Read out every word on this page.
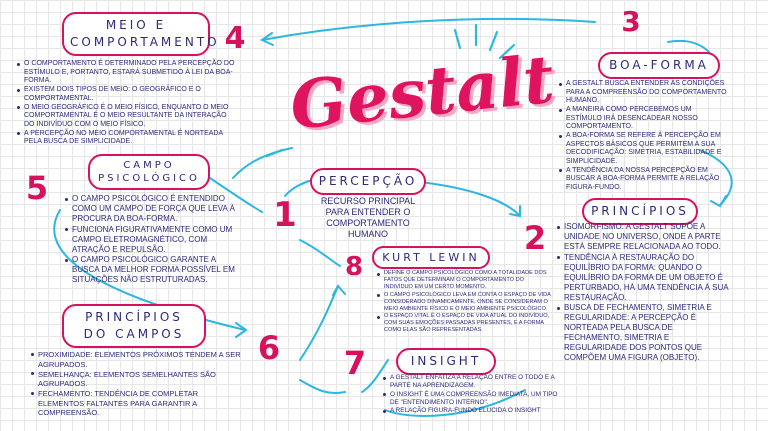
4	3
5
1
2
8
6 7
Gestalt
MEIO E
COMPORTAMENTO
O COMPORTAMENTO É DETERMINADO PELA PERCEPÇÃO DO ESTÍMULO E, PORTANTO, ESTARÁ SUBMETIDO À LEI DA BOA-FORMA.
EXISTEM DOIS TIPOS DE MEIO: O GEOGRÁFICO E O COMPORTAMENTAL.
O MEIO GEOGRÁFICO É O MEIO FÍSICO, ENQUANTO O MEIO COMPORTAMENTAL É O MEIO RESULTANTE DA INTERAÇÃO DO INDIVÍDUO COM O MEIO FÍSICO.
A PERCEPÇÃO NO MEIO COMPORTAMENTAL É NORTEADA PELA BUSCA DE SIMPLICIDADE.
BOA-FORMA
A GESTALT BUSCA ENTENDER AS CONDIÇÕES PARA A COMPREENSÃO DO COMPORTAMENTO HUMANO.
A MANEIRA COMO PERCEBEMOS UM ESTÍMULO IRÁ DESENCADEAR NOSSO COMPORTAMENTO.
A BOA-FORMA SE REFERE À PERCEPÇÃO EM ASPECTOS BÁSICOS QUE PERMITEM A SUA DECODIFICAÇÃO: SIMETRIA, ESTABILIDADE E SIMPLICIDADE.
A TENDÊNCIA DA NOSSA PERCEPÇÃO EM BUSCAR A BOA-FORMA PERMITE A RELAÇÃO FIGURA-FUNDO.
CAMPO
PSICOLÓGICO
O CAMPO PSICOLÓGICO É ENTENDIDO COMO UM CAMPO DE FORÇA QUE LEVA À PROCURA DA BOA-FORMA.
FUNCIONA FIGURATIVAMENTE COMO UM CAMPO ELETROMAGNÉTICO, COM ATRAÇÃO E REPULSÃO.
O CAMPO PSICOLÓGICO GARANTE A BUSCA DA MELHOR FORMA POSSÍVEL EM SITUAÇÕES NÃO ESTRUTURADAS.
PERCEPÇÃO
RECURSO PRINCIPAL PARA ENTENDER O COMPORTAMENTO HUMANO
PRINCÍPIOS
ISOMORFISMO: A GESTALT SUPÕE A UNIDADE NO UNIVERSO, ONDE A PARTE ESTÁ SEMPRE RELACIONADA AO TODO.
TENDÊNCIA À RESTAURAÇÃO DO EQUILÍBRIO DA FORMA: QUANDO O EQUILÍBRIO DA FORMA DE UM OBJETO É PERTURBADO, HÁ UMA TENDÊNCIA À SUA RESTAURAÇÃO.
BUSCA DE FECHAMENTO, SIMETRIA E REGULARIDADE: A PERCEPÇÃO É NORTEADA PELA BUSCA DE FECHAMENTO, SIMETRIA E REGULARIDADE DOS PONTOS QUE COMPÕEM UMA FIGURA (OBJETO).
KURT LEWIN
DEFINE O CAMPO PSICOLÓGICO COMO A TOTALIDADE DOS FATOS QUE DETERMINAM O COMPORTAMENTO DO INDIVÍDUO EM UM CERTO MOMENTO.
O CAMPO PSICOLÓGICO LEVA EM CONTA O ESPAÇO DE VIDA CONSIDERADO DINAMICAMENTE, ONDE SE CONSIDERAM O MEIO AMBIENTE FÍSICO E O MEIO AMBIENTE PSICOLÓGICO.
O ESPAÇO VITAL É O ESPAÇO DE VIDA ATUAL DO INDIVÍDUO, COM SUAS EMOÇÕES PASSADAS PRESENTES, E A FORMA COMO ELAS SÃO REPRESENTADAS.
PRINCÍPIOS
DO CAMPOS
PROXIMIDADE: ELEMENTOS PRÓXIMOS TENDEM A SER AGRUPADOS.
SEMELHANÇA: ELEMENTOS SEMELHANTES SÃO AGRUPADOS.
FECHAMENTO: TENDÊNCIA DE COMPLETAR ELEMENTOS FALTANTES PARA GARANTIR A COMPREENSÃO.
INSIGHT
A GESTALT ENFATIZA A RELAÇÃO ENTRE O TODO E A PARTE NA APRENDIZAGEM.
O INSIGHT É UMA COMPREENSÃO IMEDIATA, UM TIPO DE "ENTENDIMENTO INTERNO".
A RELAÇÃO FIGURA-FUNDO ELUCIDA O INSIGHT
